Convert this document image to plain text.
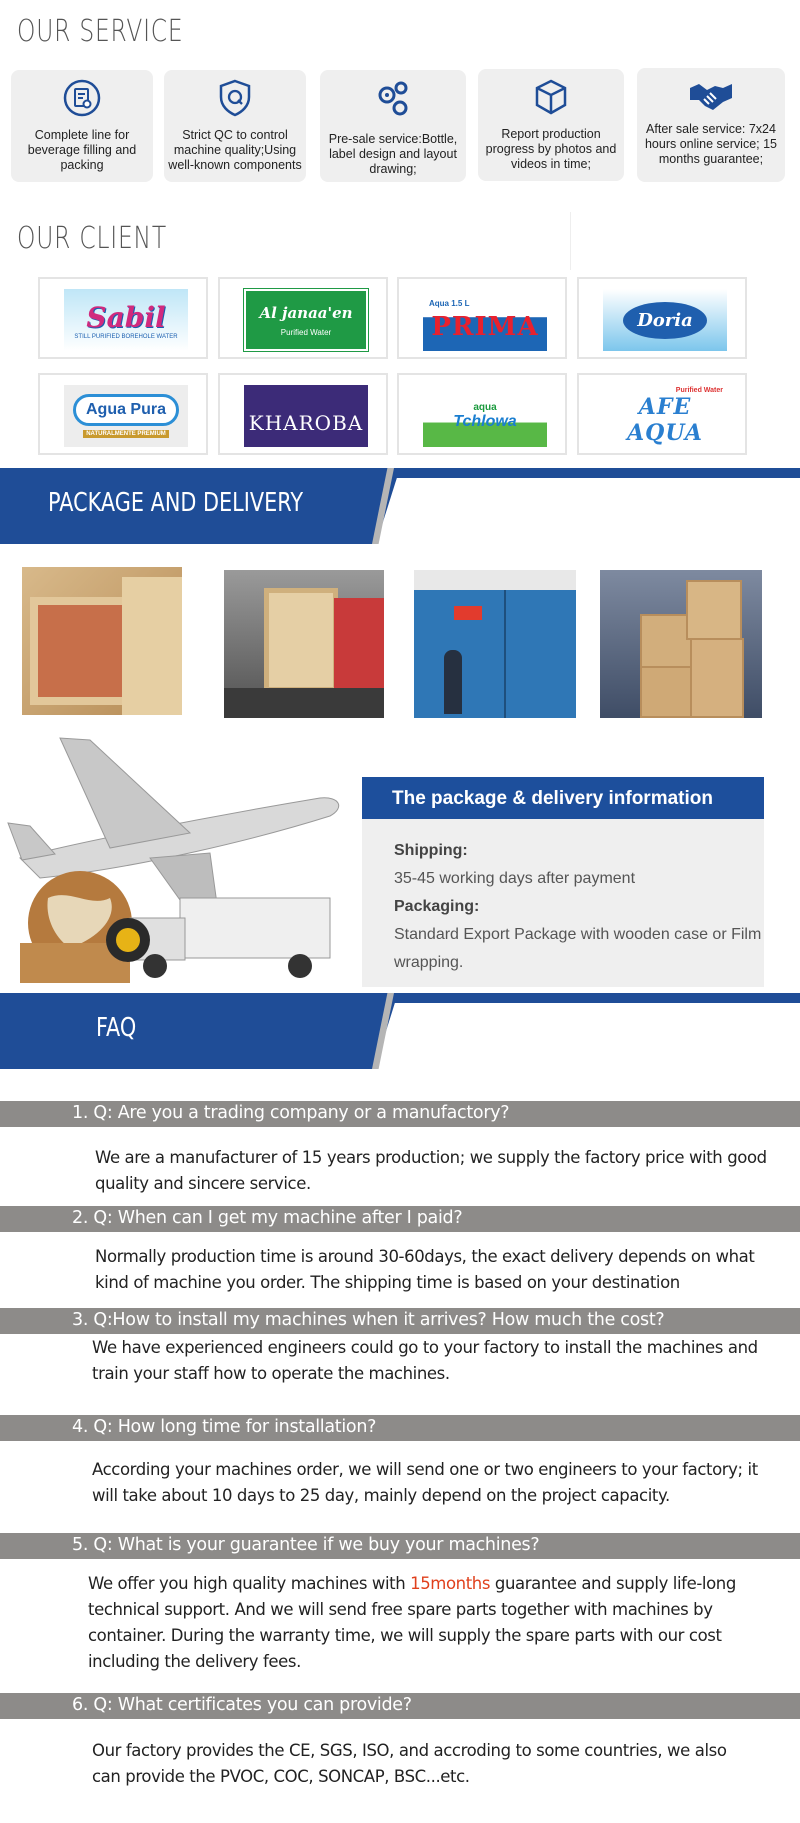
OUR SERVICE
Complete line for beverage filling and packing
Strict QC to control machine quality;Using well-known components
Pre-sale service:Bottle, label design and layout drawing;
Report production progress by photos and videos in time;
After sale service: 7x24 hours online service; 15 months guarantee;
OUR CLIENT
Sabil
STILL PURIFIED BOREHOLE WATER
Al janaa'en
Purified Water
Aqua 1.5 L
PRIMA	Doria
Agua Pura
NATURALMENTE PREMIUM	KHAROBA
aqua
Tchlowa
Purified Water
AFE AQUA
PACKAGE AND DELIVERY
The package & delivery information
Shipping:
35-45 working days after payment
Packaging:
Standard Export Package with wooden case or Film wrapping.
FAQ
1. Q: Are you a trading company or a manufactory?
We are a manufacturer of 15 years production; we supply the factory price with good quality and sincere service.
2. Q: When can I get my machine after I paid?
Normally production time is around 30-60days, the exact delivery depends on what kind of machine you order. The shipping time is based on your destination
3. Q:How to install my machines when it arrives? How much the cost?
We have experienced engineers could go to your factory to install the machines and train your staff how to operate the machines.
4. Q: How long time for installation?
According your machines order, we will send one or two engineers to your factory; it will take about 10 days to 25 day, mainly depend on the project capacity.
5. Q: What is your guarantee if we buy your machines?
We offer you high quality machines with 15months guarantee and supply life-long technical support. And we will send free spare parts together with machines by container. During the warranty time, we will supply the spare parts with our cost including the delivery fees.
6. Q: What certificates you can provide?
Our factory provides the CE, SGS, ISO, and accroding to some countries, we also can provide the PVOC, COC, SONCAP, BSC...etc.
